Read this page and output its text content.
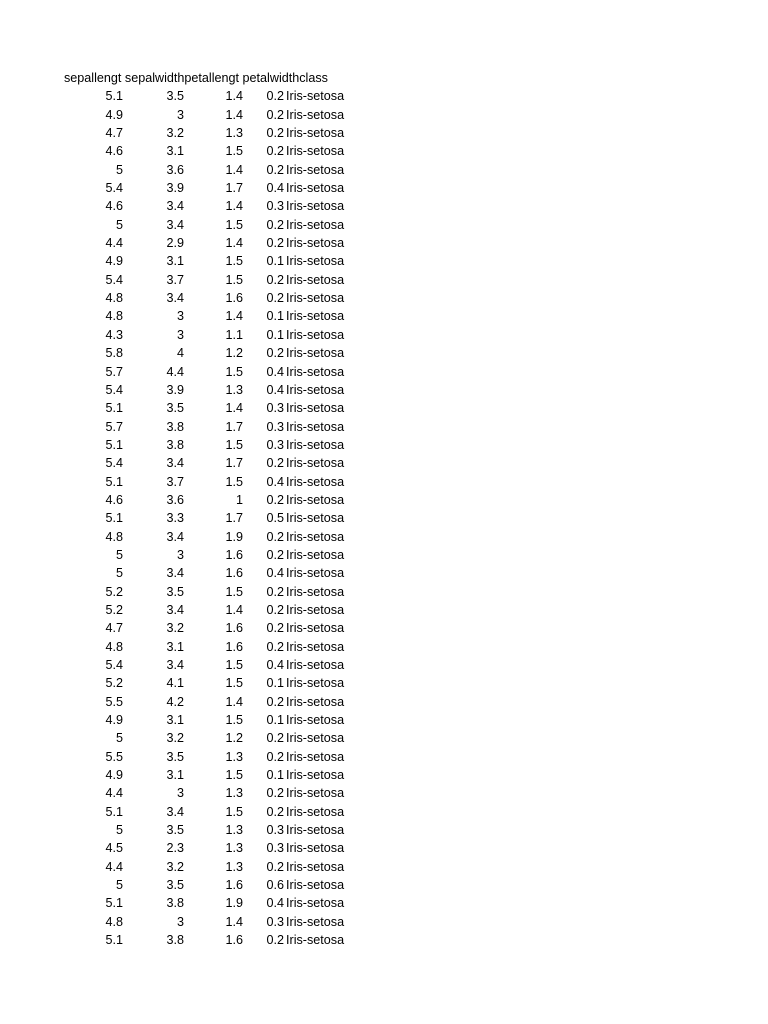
sepallengt sepalwidthpetallengt petalwidthclass
5.1	3.5	1.4 0.2 Iris-setosa
4.9	3	1.4 0.2 Iris-setosa
4.7	3.2	1.3 0.2 Iris-setosa
4.6	3.1	1.5 0.2 Iris-setosa
5	3.6	1.4 0.2 Iris-setosa
5.4	3.9	1.7 0.4 Iris-setosa
4.6	3.4	1.4 0.3 Iris-setosa
5	3.4	1.5 0.2 Iris-setosa
4.4	2.9	1.4 0.2 Iris-setosa
4.9	3.1	1.5 0.1 Iris-setosa
5.4	3.7	1.5 0.2 Iris-setosa
4.8	3.4	1.6 0.2 Iris-setosa
4.8	3	1.4 0.1 Iris-setosa
4.3	3	1.1 0.1 Iris-setosa
5.8	4	1.2 0.2 Iris-setosa
5.7	4.4	1.5 0.4 Iris-setosa
5.4	3.9	1.3 0.4 Iris-setosa
5.1	3.5	1.4 0.3 Iris-setosa
5.7	3.8	1.7 0.3 Iris-setosa
5.1	3.8	1.5 0.3 Iris-setosa
5.4	3.4	1.7 0.2 Iris-setosa
5.1	3.7	1.5 0.4 Iris-setosa
4.6	3.6	1 0.2 Iris-setosa
5.1	3.3	1.7 0.5 Iris-setosa
4.8	3.4	1.9 0.2 Iris-setosa
5	3	1.6 0.2 Iris-setosa
5	3.4	1.6 0.4 Iris-setosa
5.2	3.5	1.5 0.2 Iris-setosa
5.2	3.4	1.4 0.2 Iris-setosa
4.7	3.2	1.6 0.2 Iris-setosa
4.8	3.1	1.6 0.2 Iris-setosa
5.4	3.4	1.5 0.4 Iris-setosa
5.2	4.1	1.5 0.1 Iris-setosa
5.5	4.2	1.4 0.2 Iris-setosa
4.9	3.1	1.5 0.1 Iris-setosa
5	3.2	1.2 0.2 Iris-setosa
5.5	3.5	1.3 0.2 Iris-setosa
4.9	3.1	1.5 0.1 Iris-setosa
4.4	3	1.3 0.2 Iris-setosa
5.1	3.4	1.5 0.2 Iris-setosa
5	3.5	1.3 0.3 Iris-setosa
4.5	2.3	1.3 0.3 Iris-setosa
4.4	3.2	1.3 0.2 Iris-setosa
5	3.5	1.6 0.6 Iris-setosa
5.1	3.8	1.9 0.4 Iris-setosa
4.8	3	1.4 0.3 Iris-setosa
5.1	3.8	1.6 0.2 Iris-setosa
